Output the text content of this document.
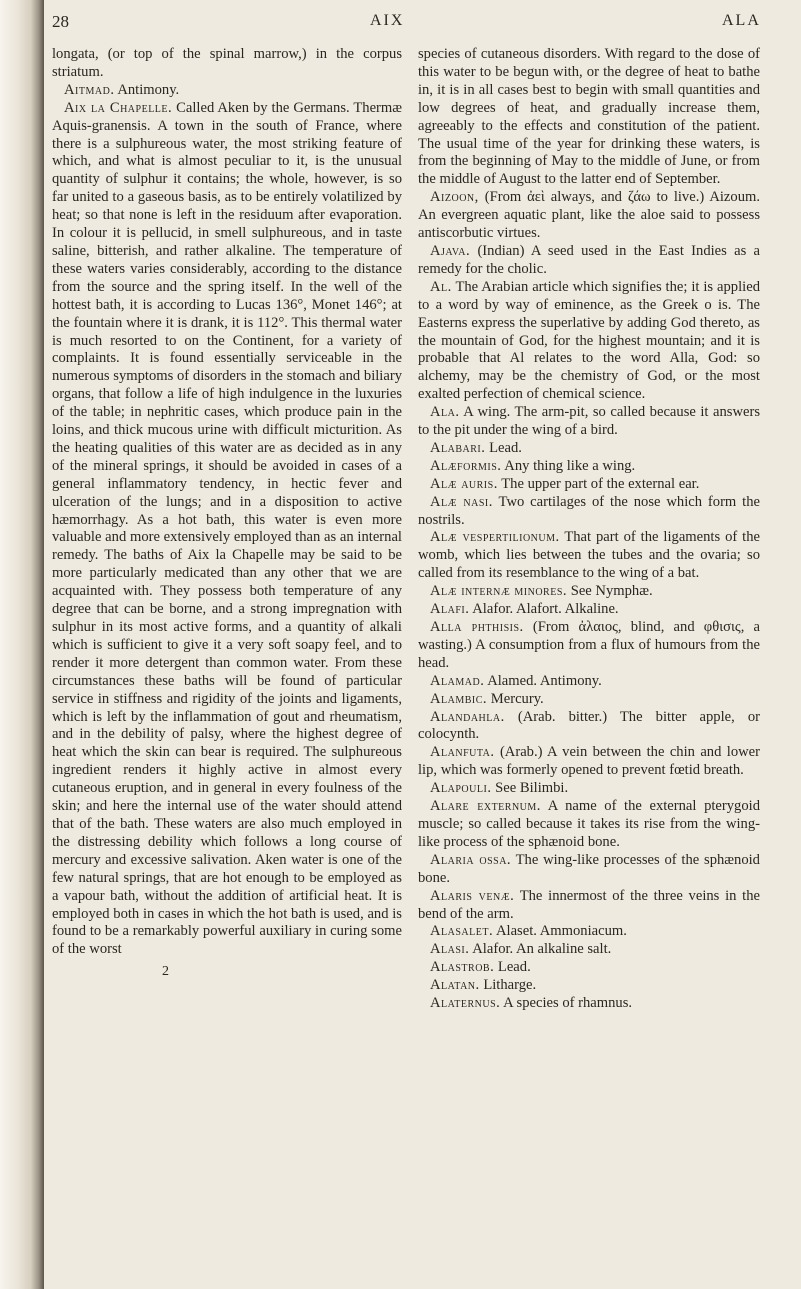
28	AIX	ALA

longata, (or top of the spinal marrow,) in the corpus striatum.

Aitmad. Antimony.

Aix la Chapelle. Called Aken by the Germans. Thermæ Aquis-granensis. A town in the south of France, where there is a sulphureous water, the most striking feature of which, and what is almost peculiar to it, is the unusual quantity of sulphur it contains; the whole, however, is so far united to a gaseous basis, as to be entirely volatilized by heat; so that none is left in the residuum after evaporation. In colour it is pellucid, in smell sulphureous, and in taste saline, bitterish, and rather alkaline. The temperature of these waters varies considerably, according to the distance from the source and the spring itself. In the well of the hottest bath, it is according to Lucas 136°, Monet 146°; at the fountain where it is drank, it is 112°. This thermal water is much resorted to on the Continent, for a variety of complaints. It is found essentially serviceable in the numerous symptoms of disorders in the stomach and biliary organs, that follow a life of high indulgence in the luxuries of the table; in nephritic cases, which produce pain in the loins, and thick mucous urine with difficult micturition. As the heating qualities of this water are as decided as in any of the mineral springs, it should be avoided in cases of a general inflammatory tendency, in hectic fever and ulceration of the lungs; and in a disposition to active hæmorrhagy. As a hot bath, this water is even more valuable and more extensively employed than as an internal remedy. The baths of Aix la Chapelle may be said to be more particularly medicated than any other that we are acquainted with. They possess both temperature of any degree that can be borne, and a strong impregnation with sulphur in its most active forms, and a quantity of alkali which is sufficient to give it a very soft soapy feel, and to render it more detergent than common water. From these circumstances these baths will be found of particular service in stiffness and rigidity of the joints and ligaments, which is left by the inflammation of gout and rheumatism, and in the debility of palsy, where the highest degree of heat which the skin can bear is required. The sulphureous ingredient renders it highly active in almost every cutaneous eruption, and in general in every foulness of the skin; and here the internal use of the water should attend that of the bath. These waters are also much employed in the distressing debility which follows a long course of mercury and excessive salivation. Aken water is one of the few natural springs, that are hot enough to be employed as a vapour bath, without the addition of artificial heat. It is employed both in cases in which the hot bath is used, and is found to be a remarkably powerful auxiliary in curing some of the worst

2

species of cutaneous disorders. With regard to the dose of this water to be begun with, or the degree of heat to bathe in, it is in all cases best to begin with small quantities and low degrees of heat, and gradually increase them, agreeably to the effects and constitution of the patient. The usual time of the year for drinking these waters, is from the beginning of May to the middle of June, or from the middle of August to the latter end of September.

Aizoon, (From ἀεὶ always, and ζάω to live.) Aizoum. An evergreen aquatic plant, like the aloe said to possess antiscorbutic virtues.

Ajava. (Indian) A seed used in the East Indies as a remedy for the cholic.

Al. The Arabian article which signifies the; it is applied to a word by way of eminence, as the Greek ο is. The Easterns express the superlative by adding God thereto, as the mountain of God, for the highest mountain; and it is probable that Al relates to the word Alla, God: so alchemy, may be the chemistry of God, or the most exalted perfection of chemical science.

Ala. A wing. The arm-pit, so called because it answers to the pit under the wing of a bird.

Alabari. Lead.

Alæformis. Any thing like a wing.

Alæ auris. The upper part of the external ear.

Alæ nasi. Two cartilages of the nose which form the nostrils.

Alæ vespertilionum. That part of the ligaments of the womb, which lies between the tubes and the ovaria; so called from its resemblance to the wing of a bat.

Alæ internæ minores. See Nymphæ.

Alafi. Alafor. Alafort. Alkaline.

Alla phthisis. (From ἀλαιος, blind, and φθισις, a wasting.) A consumption from a flux of humours from the head.

Alamad. Alamed. Antimony.

Alambic. Mercury.

Alandahla. (Arab. bitter.) The bitter apple, or colocynth.

Alanfuta. (Arab.) A vein between the chin and lower lip, which was formerly opened to prevent fœtid breath.

Alapouli. See Bilimbi.

Alare externum. A name of the external pterygoid muscle; so called because it takes its rise from the wing-like process of the sphænoid bone.

Alaria ossa. The wing-like processes of the sphænoid bone.

Alaris venæ. The innermost of the three veins in the bend of the arm.

Alasalet. Alaset. Ammoniacum.

Alasi. Alafor. An alkaline salt.

Alastrob. Lead.

Alatan. Litharge.

Alaternus. A species of rhamnus.
